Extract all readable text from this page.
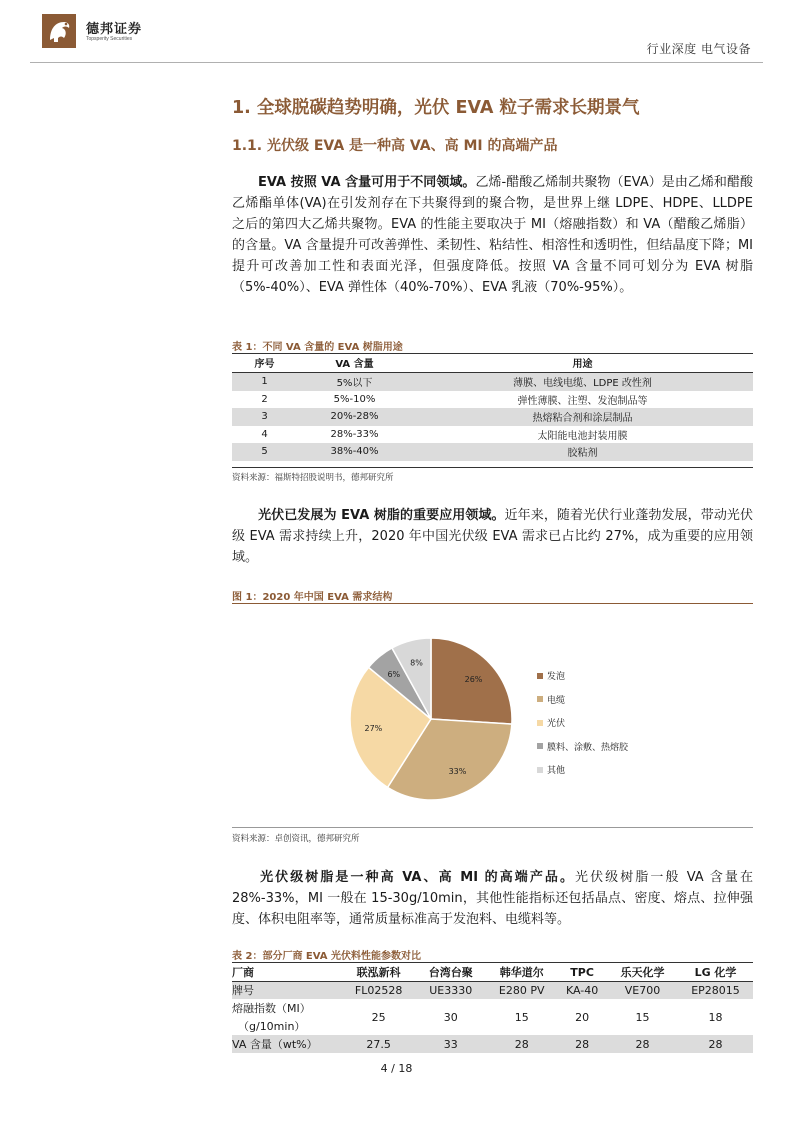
德邦证券
Topsperity Securities
行业深度 电气设备
1. 全球脱碳趋势明确，光伏 EVA 粒子需求长期景气
1.1. 光伏级 EVA 是一种高 VA、高 MI 的高端产品
EVA 按照 VA 含量可用于不同领域。乙烯-醋酸乙烯制共聚物（EVA）是由乙烯和醋酸乙烯酯单体(VA)在引发剂存在下共聚得到的聚合物，是世界上继 LDPE、HDPE、LLDPE 之后的第四大乙烯共聚物。EVA 的性能主要取决于 MI（熔融指数）和 VA（醋酸乙烯脂）的含量。VA 含量提升可改善弹性、柔韧性、粘结性、相溶性和透明性，但结晶度下降；MI 提升可改善加工性和表面光泽，但强度降低。按照 VA 含量不同可划分为 EVA 树脂（5%-40%）、EVA 弹性体（40%-70%）、EVA 乳液（70%-95%）。
表 1：不同 VA 含量的 EVA 树脂用途
序号	VA 含量	用途
1	5%以下	薄膜、电线电缆、LDPE 改性剂
2	5%-10%	弹性薄膜、注塑、发泡制品等
3	20%-28%	热熔粘合剂和涂层制品
4	28%-33%	太阳能电池封装用膜
5	38%-40%	胶粘剂
资料来源：福斯特招股说明书，德邦研究所
光伏已发展为 EVA 树脂的重要应用领域。近年来，随着光伏行业蓬勃发展，带动光伏级 EVA 需求持续上升，2020 年中国光伏级 EVA 需求已占比约 27%，成为重要的应用领域。
图 1：2020 年中国 EVA 需求结构
26%
33%
27%
6%
8%
发泡
电缆
光伏
膜料、涂敷、热熔胶
其他
资料来源：卓创资讯，德邦研究所
光伏级树脂是一种高 VA、高 MI 的高端产品。光伏级树脂一般 VA 含量在 28%-33%，MI 一般在 15-30g/10min，其他性能指标还包括晶点、密度、熔点、拉伸强度、体积电阻率等，通常质量标准高于发泡料、电缆料等。
表 2：部分厂商 EVA 光伏料性能参数对比
厂商	联泓新科	台湾台聚	韩华道尔	TPC	乐天化学	LG 化学
牌号	FL02528	UE3330	E280 PV	KA-40	VE700	EP28015
熔融指数（MI）	25	30	15	20	15	18
（g/10min）						
VA 含量（wt%）	27.5	33	28	28	28	28
4 / 18
